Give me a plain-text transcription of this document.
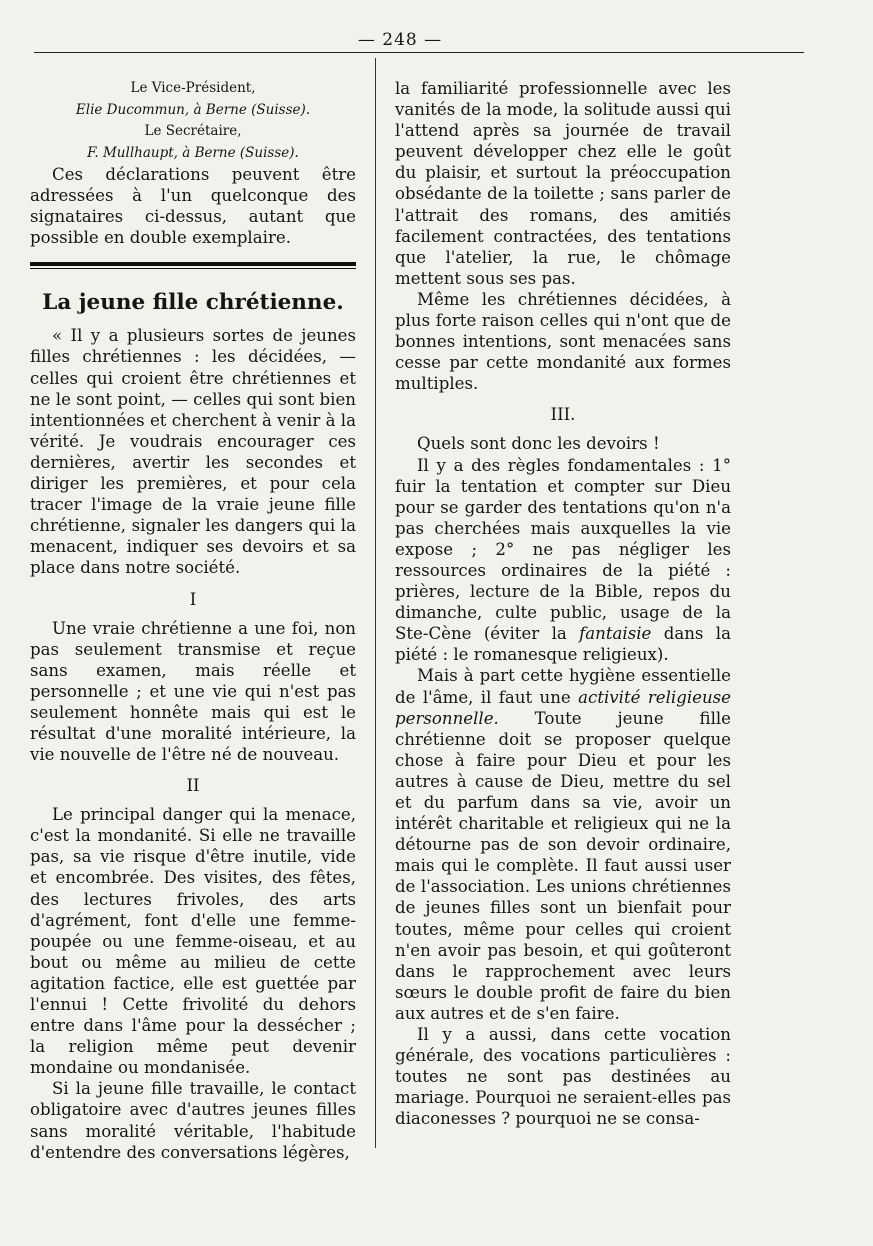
— 248 —

Le Vice-Président,

Elie Ducommun, à Berne (Suisse).

Le Secrétaire,

F. Mullhaupt, à Berne (Suisse).

Ces déclarations peuvent être adressées à l'un quelconque des signataires ci-dessus, autant que possible en double exemplaire.

La jeune fille chrétienne.

« Il y a plusieurs sortes de jeunes filles chrétiennes : les décidées, — celles qui croient être chrétiennes et ne le sont point, — celles qui sont bien intentionnées et cherchent à venir à la vérité. Je voudrais encourager ces dernières, avertir les secondes et diriger les premières, et pour cela tracer l'image de la vraie jeune fille chrétienne, signaler les dangers qui la menacent, indiquer ses devoirs et sa place dans notre société.

I

Une vraie chrétienne a une foi, non pas seulement transmise et reçue sans examen, mais réelle et personnelle ; et une vie qui n'est pas seulement honnête mais qui est le résultat d'une moralité intérieure, la vie nouvelle de l'être né de nouveau.

II

Le principal danger qui la menace, c'est la mondanité. Si elle ne travaille pas, sa vie risque d'être inutile, vide et encombrée. Des visites, des fêtes, des lectures frivoles, des arts d'agrément, font d'elle une femme-poupée ou une femme-oiseau, et au bout ou même au milieu de cette agitation factice, elle est guettée par l'ennui ! Cette frivolité du dehors entre dans l'âme pour la dessécher ; la religion même peut devenir mondaine ou mondanisée.

Si la jeune fille travaille, le contact obligatoire avec d'autres jeunes filles sans moralité véritable, l'habitude d'entendre des conversations légères,

la familiarité professionnelle avec les vanités de la mode, la solitude aussi qui l'attend après sa journée de travail peuvent développer chez elle le goût du plaisir, et surtout la préoccupation obsédante de la toilette ; sans parler de l'attrait des romans, des amitiés facilement contractées, des tentations que l'atelier, la rue, le chômage mettent sous ses pas.

Même les chrétiennes décidées, à plus forte raison celles qui n'ont que de bonnes intentions, sont menacées sans cesse par cette mondanité aux formes multiples.

III.

Quels sont donc les devoirs !

Il y a des règles fondamentales : 1° fuir la tentation et compter sur Dieu pour se garder des tentations qu'on n'a pas cherchées mais auxquelles la vie expose ; 2° ne pas négliger les ressources ordinaires de la piété : prières, lecture de la Bible, repos du dimanche, culte public, usage de la Ste-Cène (éviter la fantaisie dans la piété : le romanesque religieux).

Mais à part cette hygiène essentielle de l'âme, il faut une activité religieuse personnelle. Toute jeune fille chrétienne doit se proposer quelque chose à faire pour Dieu et pour les autres à cause de Dieu, mettre du sel et du parfum dans sa vie, avoir un intérêt charitable et religieux qui ne la détourne pas de son devoir ordinaire, mais qui le complète. Il faut aussi user de l'association. Les unions chrétiennes de jeunes filles sont un bienfait pour toutes, même pour celles qui croient n'en avoir pas besoin, et qui goûteront dans le rapprochement avec leurs sœurs le double profit de faire du bien aux autres et de s'en faire.

Il y a aussi, dans cette vocation générale, des vocations particulières : toutes ne sont pas destinées au mariage. Pourquoi ne seraient-elles pas diaconesses ? pourquoi ne se consa-
